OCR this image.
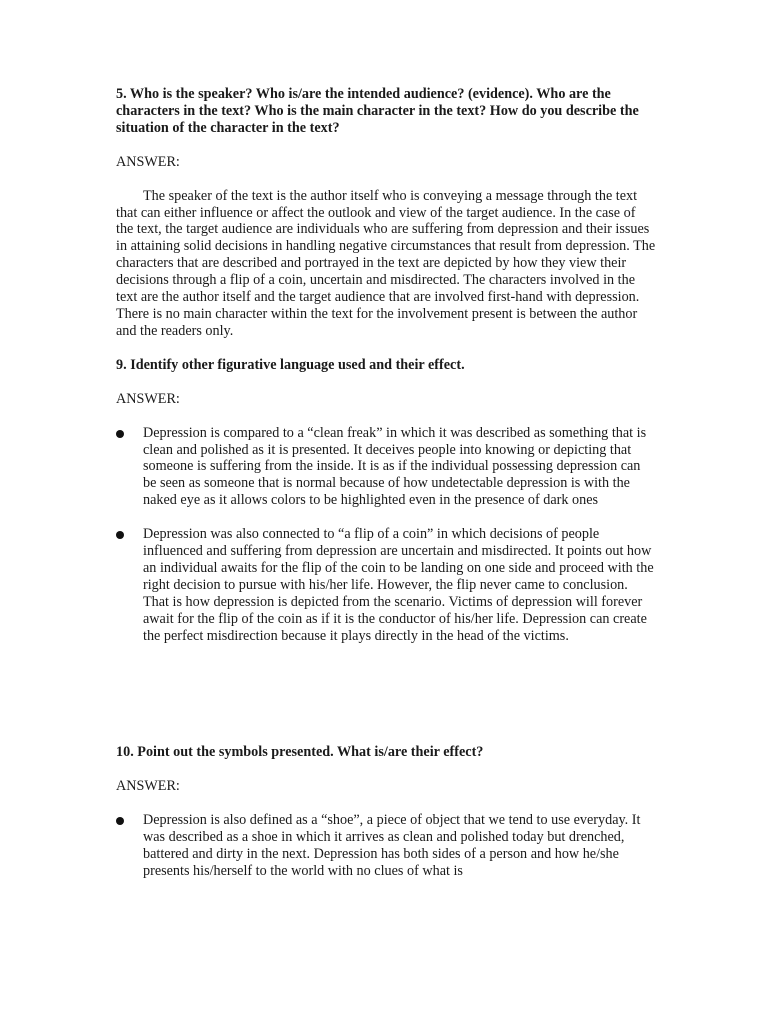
5. Who is the speaker? Who is/are the intended audience? (evidence). Who are the characters in the text? Who is the main character in the text? How do you describe the situation of the character in the text?

ANSWER:

The speaker of the text is the author itself who is conveying a message through the text that can either influence or affect the outlook and view of the target audience. In the case of the text, the target audience are individuals who are suffering from depression and their issues in attaining solid decisions in handling negative circumstances that result from depression. The characters that are described and portrayed in the text are depicted by how they view their decisions through a flip of a coin, uncertain and misdirected. The characters involved in the text are the author itself and the target audience that are involved first-hand with depression. There is no main character within the text for the involvement present is between the author and the readers only.

9. Identify other figurative language used and their effect.

ANSWER:

Depression is compared to a “clean freak” in which it was described as something that is clean and polished as it is presented. It deceives people into knowing or depicting that someone is suffering from the inside. It is as if the individual possessing depression can be seen as someone that is normal because of how undetectable depression is with the naked eye as it allows colors to be highlighted even in the presence of dark ones
Depression was also connected to “a flip of a coin” in which decisions of people influenced and suffering from depression are uncertain and misdirected. It points out how an individual awaits for the flip of the coin to be landing on one side and proceed with the right decision to pursue with his/her life. However, the flip never came to conclusion. That is how depression is depicted from the scenario. Victims of depression will forever await for the flip of the coin as if it is the conductor of his/her life. Depression can create the perfect misdirection because it plays directly in the head of the victims.

10. Point out the symbols presented. What is/are their effect?

ANSWER:

Depression is also defined as a “shoe”, a piece of object that we tend to use everyday. It was described as a shoe in which it arrives as clean and polished today but drenched, battered and dirty in the next. Depression has both sides of a person and how he/she presents his/herself to the world with no clues of what is
